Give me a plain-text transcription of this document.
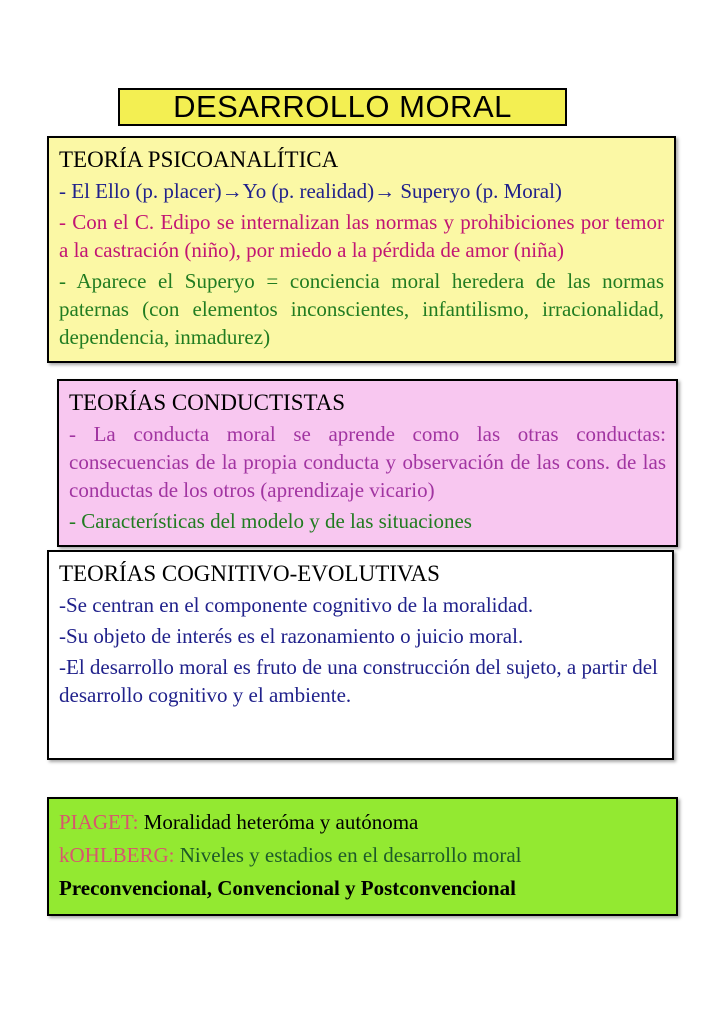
DESARROLLO MORAL
TEORÍA PSICOANALÍTICA

- El Ello (p. placer)→Yo (p. realidad)→ Superyo (p. Moral)

- Con el C. Edipo se internalizan las normas y prohibiciones por temor a la castración (niño), por miedo a la pérdida de amor (niña)

- Aparece el Superyo = conciencia moral heredera de las normas paternas (con elementos inconscientes, infantilismo, irracionalidad, dependencia, inmadurez)

TEORÍAS CONDUCTISTAS

- La conducta moral se aprende como las otras conductas: consecuencias de la propia conducta y observación de las cons. de las conductas de los otros (aprendizaje vicario)

- Características del modelo y de las situaciones

TEORÍAS COGNITIVO-EVOLUTIVAS

-Se centran en el componente cognitivo de la moralidad.

-Su objeto de interés es el razonamiento o juicio moral.

-El desarrollo moral es fruto de una construcción del sujeto, a partir del desarrollo cognitivo y el ambiente.

PIAGET: Moralidad heteróma y autónoma

kOHLBERG: Niveles y estadios en el desarrollo moral

Preconvencional, Convencional y Postconvencional
